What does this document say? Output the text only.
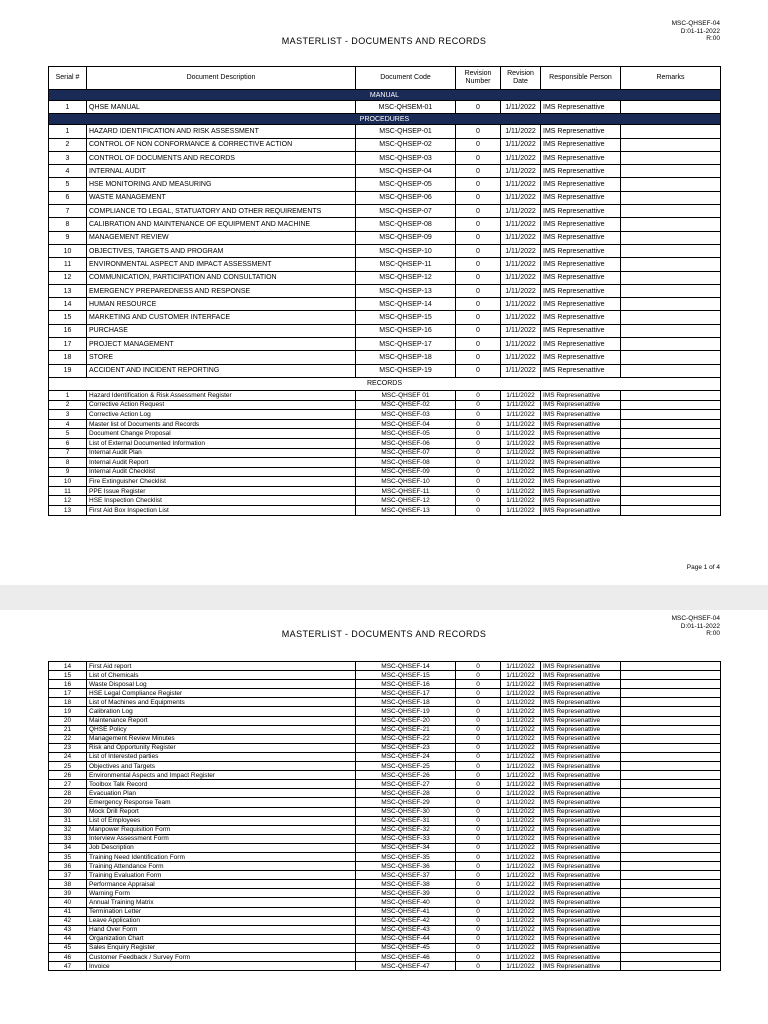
MSC-QHSEF-04
D:01-11-2022
R:00
MASTERLIST - DOCUMENTS AND RECORDS
Serial #	Document Description	Document Code	Revision Number	Revision Date	Responsible Person	Remarks
MANUAL						
1	QHSE MANUAL	MSC-QHSEM-01	0	1/11/2022	IMS Represenattive	
PROCEDURES						
1	HAZARD IDENTIFICATION AND RISK ASSESSMENT	MSC-QHSEP-01	0	1/11/2022	IMS Represenattive	
2	CONTROL OF NON CONFORMANCE & CORRECTIVE ACTION	MSC-QHSEP-02	0	1/11/2022	IMS Represenattive	
3	CONTROL OF DOCUMENTS AND RECORDS	MSC-QHSEP-03	0	1/11/2022	IMS Represenattive	
4	INTERNAL AUDIT	MSC-QHSEP-04	0	1/11/2022	IMS Represenattive	
5	HSE MONITORING AND MEASURING	MSC-QHSEP-05	0	1/11/2022	IMS Represenattive	
6	WASTE MANAGEMENT	MSC-QHSEP-06	0	1/11/2022	IMS Represenattive	
7	COMPLIANCE TO LEGAL, STATUATORY AND OTHER REQUIREMENTS	MSC-QHSEP-07	0	1/11/2022	IMS Represenattive	
8	CALIBRATION AND MAINTENANCE OF EQUIPMENT AND MACHINE	MSC-QHSEP-08	0	1/11/2022	IMS Represenattive	
9	MANAGEMENT REVIEW	MSC-QHSEP-09	0	1/11/2022	IMS Represenattive	
10	OBJECTIVES, TARGETS AND PROGRAM	MSC-QHSEP-10	0	1/11/2022	IMS Represenattive	
11	ENVIRONMENTAL ASPECT AND IMPACT ASSESSMENT	MSC-QHSEP-11	0	1/11/2022	IMS Represenattive	
12	COMMUNICATION, PARTICIPATION AND CONSULTATION	MSC-QHSEP-12	0	1/11/2022	IMS Represenattive	
13	EMERGENCY PREPAREDNESS AND RESPONSE	MSC-QHSEP-13	0	1/11/2022	IMS Represenattive	
14	HUMAN RESOURCE	MSC-QHSEP-14	0	1/11/2022	IMS Represenattive	
15	MARKETING AND CUSTOMER INTERFACE	MSC-QHSEP-15	0	1/11/2022	IMS Represenattive	
16	PURCHASE	MSC-QHSEP-16	0	1/11/2022	IMS Represenattive	
17	PROJECT MANAGEMENT	MSC-QHSEP-17	0	1/11/2022	IMS Represenattive	
18	STORE	MSC-QHSEP-18	0	1/11/2022	IMS Represenattive	
19	ACCIDENT AND INCIDENT REPORTING	MSC-QHSEP-19	0	1/11/2022	IMS Represenattive	
RECORDS						
1	Hazard Identification & Risk Assessment Register	MSC-QHSEF 01	0	1/11/2022	IMS Represenattive	
2	Corrective Action Request	MSC-QHSEF-02	0	1/11/2022	IMS Represenattive	
3	Corrective Action Log	MSC-QHSEF-03	0	1/11/2022	IMS Represenattive	
4	Master list of Documents and Records	MSC-QHSEF-04	0	1/11/2022	IMS Represenattive	
5	Document Change Proposal	MSC-QHSEF-05	0	1/11/2022	IMS Represenattive	
6	List of External Documented Information	MSC-QHSEF-06	0	1/11/2022	IMS Represenattive	
7	Internal Audit Plan	MSC-QHSEF-07	0	1/11/2022	IMS Represenattive	
8	Internal Audit Report	MSC-QHSEF-08	0	1/11/2022	IMS Represenattive	
9	Internal Audit Checklist	MSC-QHSEF-09	0	1/11/2022	IMS Represenattive	
10	Fire Extinguisher Checklist	MSC-QHSEF-10	0	1/11/2022	IMS Represenattive	
11	PPE Issue Register	MSC-QHSEF-11	0	1/11/2022	IMS Represenattive	
12	HSE Inspection Checklist	MSC-QHSEF-12	0	1/11/2022	IMS Represenattive	
13	First Aid Box Inspection List	MSC-QHSEF-13	0	1/11/2022	IMS Represenattive	
Page 1 of 4
MSC-QHSEF-04
D:01-11-2022
R:00
MASTERLIST - DOCUMENTS AND RECORDS
14	First Aid report	MSC-QHSEF-14	0	1/11/2022	IMS Represenattive	
15	List of Chemicals	MSC-QHSEF-15	0	1/11/2022	IMS Represenattive	
16	Waste Disposal Log	MSC-QHSEF-16	0	1/11/2022	IMS Represenattive	
17	HSE Legal Compliance Register	MSC-QHSEF-17	0	1/11/2022	IMS Represenattive	
18	List of Machines and Equipments	MSC-QHSEF-18	0	1/11/2022	IMS Represenattive	
19	Calibration Log	MSC-QHSEF-19	0	1/11/2022	IMS Represenattive	
20	Maintenance Report	MSC-QHSEF-20	0	1/11/2022	IMS Represenattive	
21	QHSE Policy	MSC-QHSEF-21	0	1/11/2022	IMS Represenattive	
22	Management Review Minutes	MSC-QHSEF-22	0	1/11/2022	IMS Represenattive	
23	Risk and Opportunity Register	MSC-QHSEF-23	0	1/11/2022	IMS Represenattive	
24	List of Interested parties	MSC-QHSEF-24	0	1/11/2022	IMS Represenattive	
25	Objectives and Targets	MSC-QHSEF-25	0	1/11/2022	IMS Represenattive	
26	Environmental Aspects and Impact Register	MSC-QHSEF-26	0	1/11/2022	IMS Represenattive	
27	Toolbox Talk Record	MSC-QHSEF-27	0	1/11/2022	IMS Represenattive	
28	Evacuation Plan	MSC-QHSEF-28	0	1/11/2022	IMS Represenattive	
29	Emergency Response Team	MSC-QHSEF-29	0	1/11/2022	IMS Represenattive	
30	Mock Drill Report	MSC-QHSEF-30	0	1/11/2022	IMS Represenattive	
31	List of Employees	MSC-QHSEF-31	0	1/11/2022	IMS Represenattive	
32	Manpower Requisition Form	MSC-QHSEF-32	0	1/11/2022	IMS Represenattive	
33	Interview Assessment Form	MSC-QHSEF-33	0	1/11/2022	IMS Represenattive	
34	Job Description	MSC-QHSEF-34	0	1/11/2022	IMS Represenattive	
35	Training Need Identification Form	MSC-QHSEF-35	0	1/11/2022	IMS Represenattive	
36	Training Attendance Form	MSC-QHSEF-36	0	1/11/2022	IMS Represenattive	
37	Training Evaluation Form	MSC-QHSEF-37	0	1/11/2022	IMS Represenattive	
38	Performance Appraisal	MSC-QHSEF-38	0	1/11/2022	IMS Represenattive	
39	Warning Form	MSC-QHSEF-39	0	1/11/2022	IMS Represenattive	
40	Annual Training Matrix	MSC-QHSEF-40	0	1/11/2022	IMS Represenattive	
41	Termination Letter	MSC-QHSEF-41	0	1/11/2022	IMS Represenattive	
42	Leave Application	MSC-QHSEF-42	0	1/11/2022	IMS Represenattive	
43	Hand Over Form	MSC-QHSEF-43	0	1/11/2022	IMS Represenattive	
44	Organization Chart	MSC-QHSEF-44	0	1/11/2022	IMS Represenattive	
45	Sales Enquiry Register	MSC-QHSEF-45	0	1/11/2022	IMS Represenattive	
46	Customer Feedback / Survey Form	MSC-QHSEF-46	0	1/11/2022	IMS Represenattive	
47	Invoice	MSC-QHSEF-47	0	1/11/2022	IMS Represenattive	
